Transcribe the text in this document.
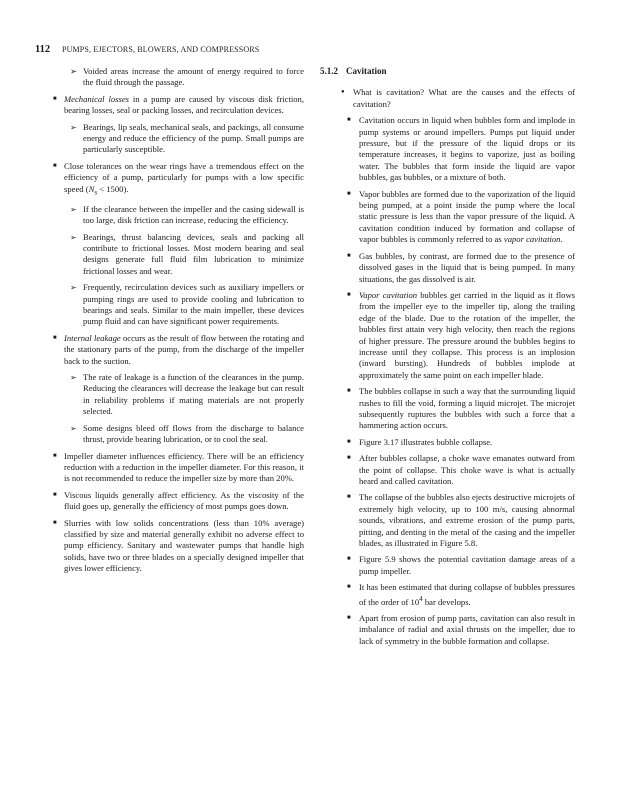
112 PUMPS, EJECTORS, BLOWERS, AND COMPRESSORS
➢ Voided areas increase the amount of energy required to force the fluid through the passage.
■ Mechanical losses in a pump are caused by viscous disk friction, bearing losses, seal or packing losses, and recirculation devices.
➢ Bearings, lip seals, mechanical seals, and packings, all consume energy and reduce the efficiency of the pump. Small pumps are particularly susceptible.
■ Close tolerances on the wear rings have a tremendous effect on the efficiency of a pump, particularly for pumps with a low specific speed $(N_s < 1500)$.
➢ If the clearance between the impeller and the casing sidewall is too large, disk friction can increase, reducing the efficiency.
➢ Bearings, thrust balancing devices, seals and packing all contribute to frictional losses. Most modern bearing and seal designs generate full fluid film lubrication to minimize frictional losses and wear.
➢ Frequently, recirculation devices such as auxiliary impellers or pumping rings are used to provide cooling and lubrication to bearings and seals. Similar to the main impeller, these devices pump fluid and can have significant power requirements.
■ Internal leakage occurs as the result of flow between the rotating and the stationary parts of the pump, from the discharge of the impeller back to the suction.
➢ The rate of leakage is a function of the clearances in the pump. Reducing the clearances will decrease the leakage but can result in reliability problems if mating materials are not properly selected.
➢ Some designs bleed off flows from the discharge to balance thrust, provide bearing lubrication, or to cool the seal.
■ Impeller diameter influences efficiency. There will be an efficiency reduction with a reduction in the impeller diameter. For this reason, it is not recommended to reduce the impeller size by more than 20%.
■ Viscous liquids generally affect efficiency. As the viscosity of the fluid goes up, generally the efficiency of most pumps goes down.
■ Slurries with low solids concentrations (less than 10% average) classified by size and material generally exhibit no adverse effect to pump efficiency. Sanitary and wastewater pumps that handle high solids, have two or three blades on a specially designed impeller that gives lower efficiency.
5.1.2 Cavitation
● What is cavitation? What are the causes and the effects of cavitation?
■ Cavitation occurs in liquid when bubbles form and implode in pump systems or around impellers. Pumps put liquid under pressure, but if the pressure of the liquid drops or its temperature increases, it begins to vaporize, just as boiling water. The bubbles that form inside the liquid are vapor bubbles, gas bubbles, or a mixture of both.
■ Vapor bubbles are formed due to the vaporization of the liquid being pumped, at a point inside the pump where the local static pressure is less than the vapor pressure of the liquid. A cavitation condition induced by formation and collapse of vapor bubbles is commonly referred to as vapor cavitation.
■ Gas bubbles, by contrast, are formed due to the presence of dissolved gases in the liquid that is being pumped. In many situations, the gas dissolved is air.
■ Vapor cavitation bubbles get carried in the liquid as it flows from the impeller eye to the impeller tip, along the trailing edge of the blade. Due to the rotation of the impeller, the bubbles first attain very high velocity, then reach the regions of higher pressure. The pressure around the bubbles begins to increase until they collapse. This process is an implosion (inward bursting). Hundreds of bubbles implode at approximately the same point on each impeller blade.
■ The bubbles collapse in such a way that the surrounding liquid rushes to fill the void, forming a liquid microjet. The microjet subsequently ruptures the bubbles with such a force that a hammering action occurs.
■ Figure 3.17 illustrates bubble collapse.
■ After bubbles collapse, a choke wave emanates outward from the point of collapse. This choke wave is what is actually heard and called cavitation.
■ The collapse of the bubbles also ejects destructive microjets of extremely high velocity, up to 100 m/s, causing abnormal sounds, vibrations, and extreme erosion of the pump parts, pitting, and denting in the metal of the casing and the impeller blades, as illustrated in Figure 5.8.
■ Figure 5.9 shows the potential cavitation damage areas of a pump impeller.
■ It has been estimated that during collapse of bubbles pressures of the order of $10^4$ bar develops.
■ Apart from erosion of pump parts, cavitation can also result in imbalance of radial and axial thrusts on the impeller, due to lack of symmetry in the bubble formation and collapse.
